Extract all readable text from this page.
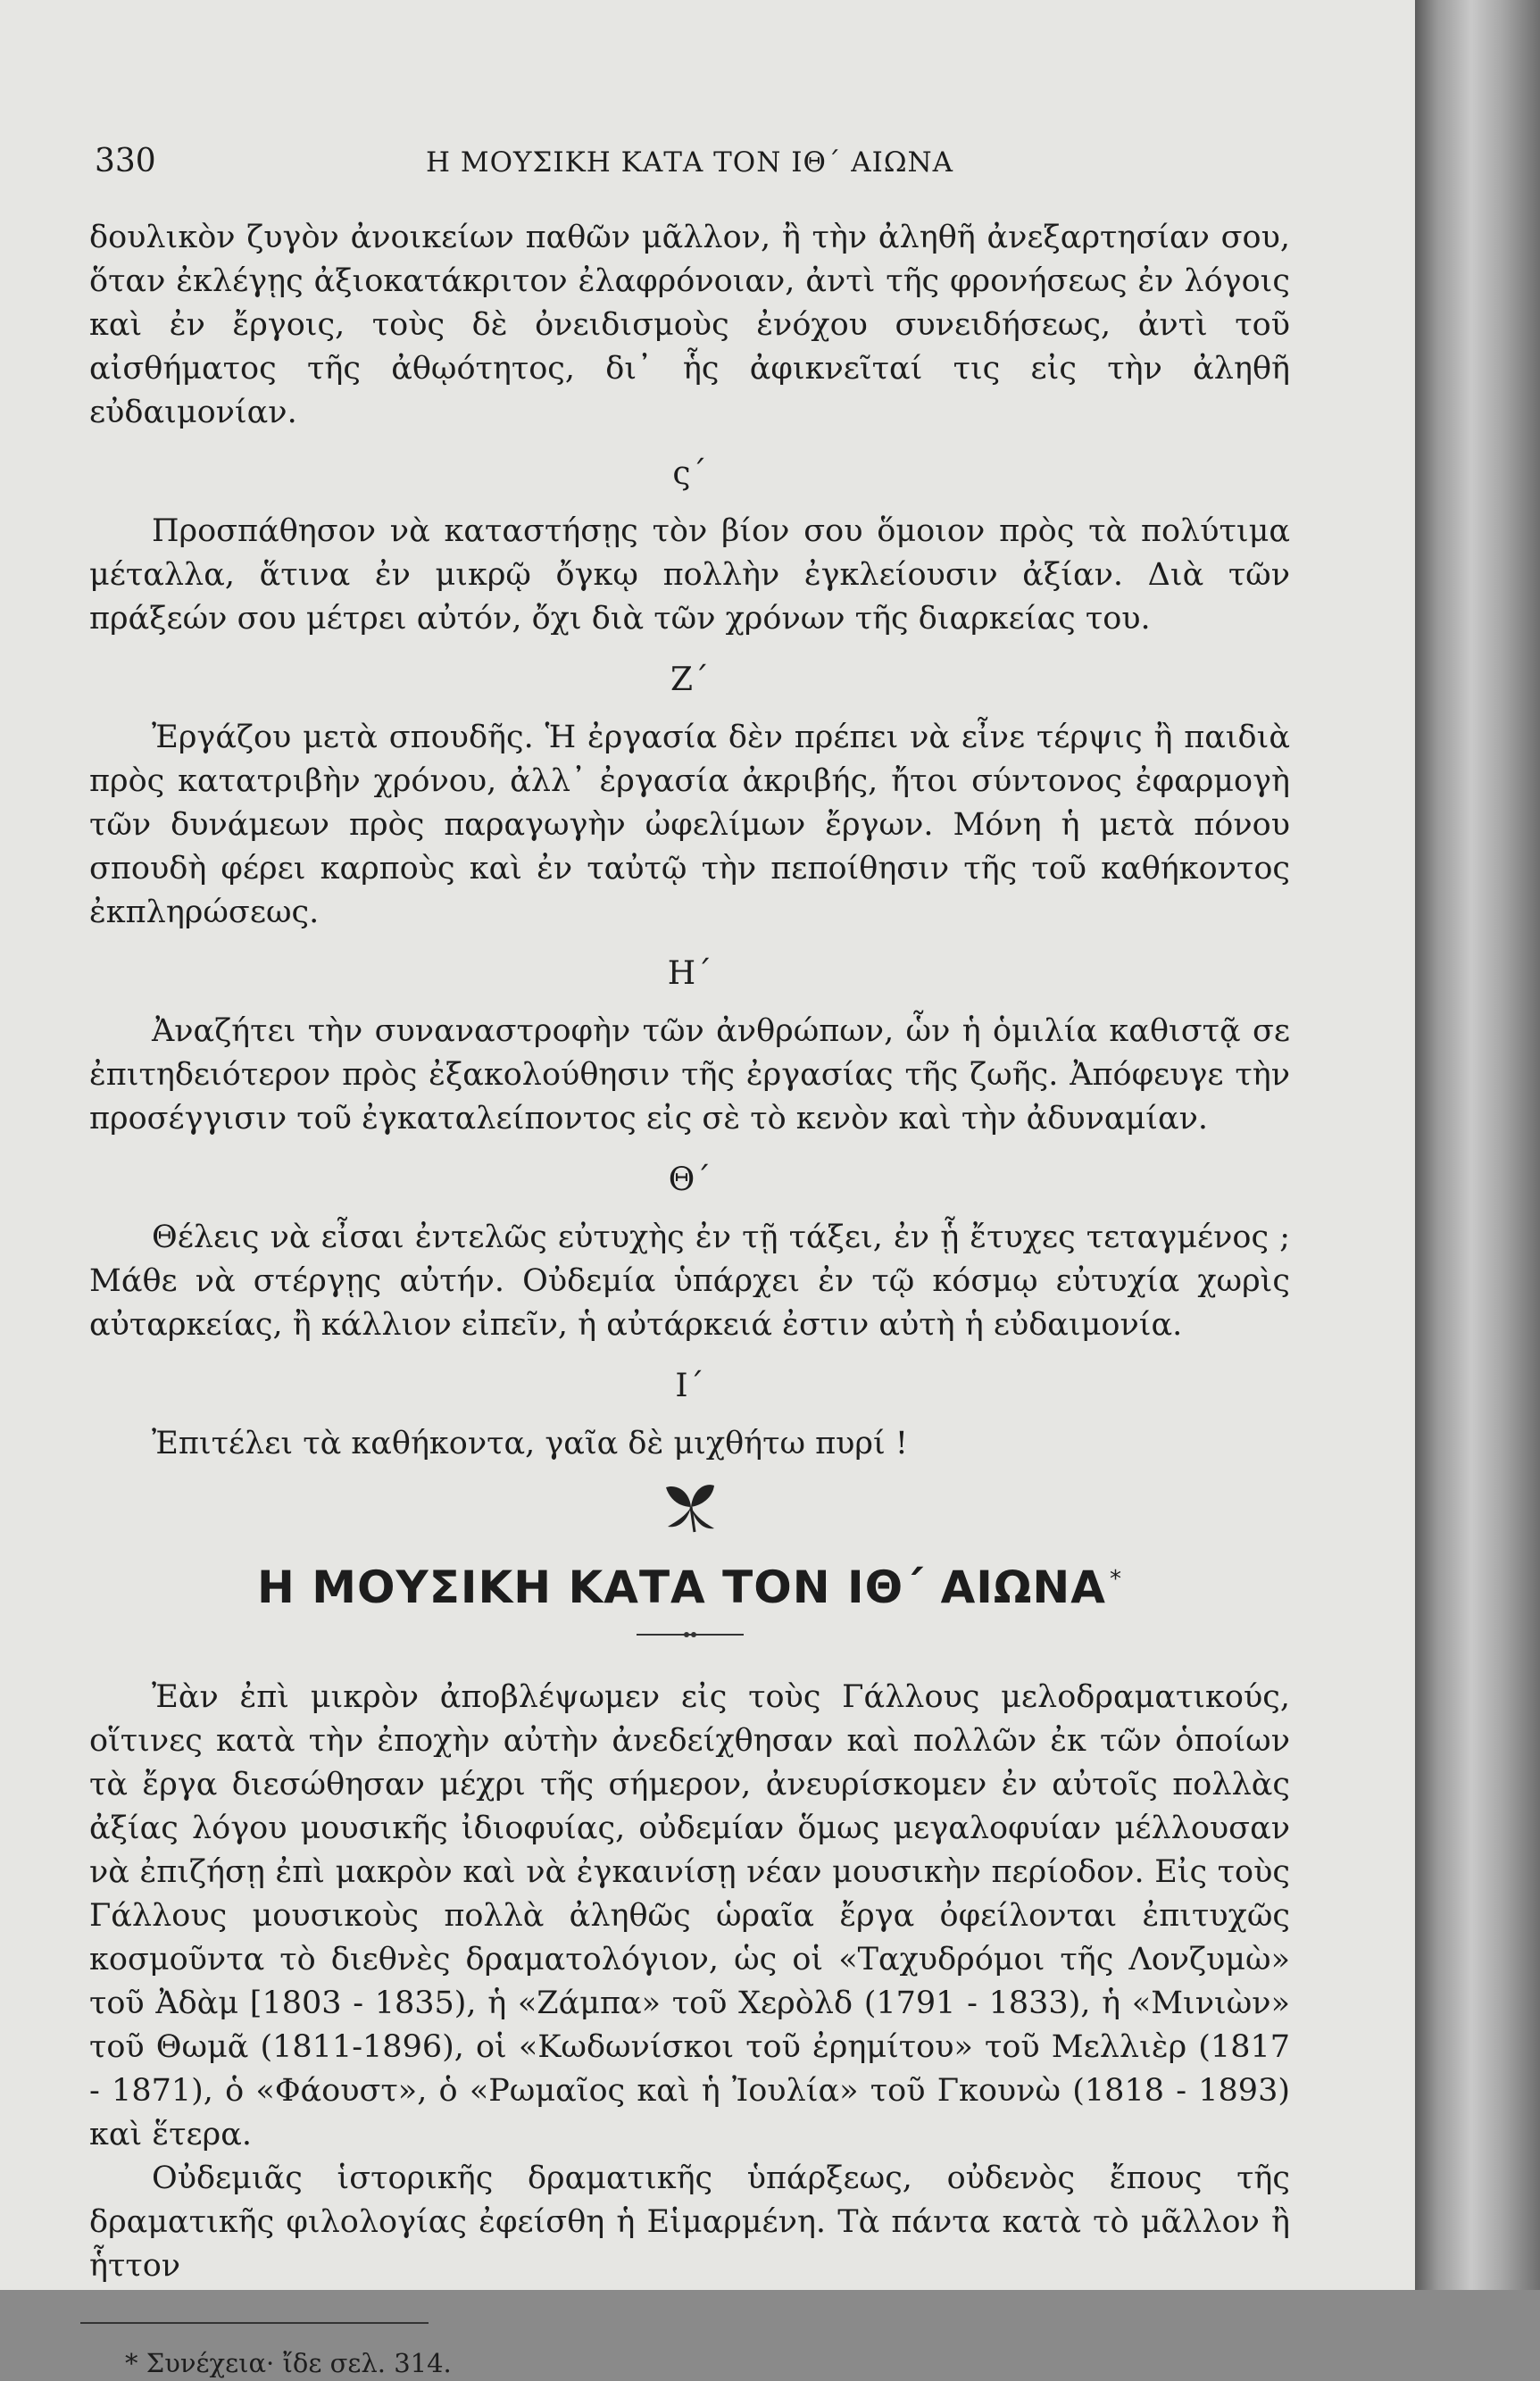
330	Η ΜΟΥΣΙΚΗ ΚΑΤΑ ΤΟΝ ΙΘ΄ ΑΙΩΝΑ

δουλικὸν ζυγὸν ἀνοικείων παθῶν μᾶλλον, ἢ τὴν ἀληθῆ ἀνεξαρτησίαν σου, ὅταν ἐκλέγῃς ἀξιοκατάκριτον ἐλαφρόνοιαν, ἀντὶ τῆς φρονήσεως ἐν λόγοις καὶ ἐν ἔργοις, τοὺς δὲ ὀνειδισμοὺς ἐνόχου συνειδήσεως, ἀντὶ τοῦ αἰσθήματος τῆς ἀθῳότητος, δι᾽ ἧς ἀφικνεῖταί τις εἰς τὴν ἀληθῆ εὐδαιμονίαν.

ς΄

Προσπάθησον νὰ καταστήσῃς τὸν βίον σου ὅμοιον πρὸς τὰ πολύτιμα μέταλλα, ἅτινα ἐν μικρῷ ὄγκῳ πολλὴν ἐγκλείουσιν ἀξίαν. Διὰ τῶν πράξεών σου μέτρει αὐτόν, ὄχι διὰ τῶν χρόνων τῆς διαρκείας του.

Ζ΄

Ἐργάζου μετὰ σπουδῆς. Ἡ ἐργασία δὲν πρέπει νὰ εἶνε τέρψις ἢ παιδιὰ πρὸς κατατριβὴν χρόνου, ἀλλ᾽ ἐργασία ἀκριβής, ἤτοι σύντονος ἐφαρμογὴ τῶν δυνάμεων πρὸς παραγωγὴν ὠφελίμων ἔργων. Μόνη ἡ μετὰ πόνου σπουδὴ φέρει καρποὺς καὶ ἐν ταὐτῷ τὴν πεποίθησιν τῆς τοῦ καθήκοντος ἐκπληρώσεως.

Η΄

Ἀναζήτει τὴν συναναστροφὴν τῶν ἀνθρώπων, ὧν ἡ ὁμιλία καθιστᾷ σε ἐπιτηδειότερον πρὸς ἐξακολούθησιν τῆς ἐργασίας τῆς ζωῆς. Ἀπόφευγε τὴν προσέγγισιν τοῦ ἐγκαταλείποντος εἰς σὲ τὸ κενὸν καὶ τὴν ἀδυναμίαν.

Θ΄

Θέλεις νὰ εἶσαι ἐντελῶς εὐτυχὴς ἐν τῇ τάξει, ἐν ᾗ ἔτυχες τεταγμένος ; Μάθε νὰ στέργῃς αὐτήν. Οὐδεμία ὑπάρχει ἐν τῷ κόσμῳ εὐτυχία χωρὶς αὐταρκείας, ἢ κάλλιον εἰπεῖν, ἡ αὐτάρκειά ἐστιν αὐτὴ ἡ εὐδαιμονία.

Ι΄

Ἐπιτέλει τὰ καθήκοντα, γαῖα δὲ μιχθήτω πυρί !

Η ΜΟΥΣΙΚΗ ΚΑΤΑ ΤΟΝ ΙΘ΄ ΑΙΩΝΑ *

Ἐὰν ἐπὶ μικρὸν ἀποβλέψωμεν εἰς τοὺς Γάλλους μελοδραματικούς, οἵτινες κατὰ τὴν ἐποχὴν αὐτὴν ἀνεδείχθησαν καὶ πολλῶν ἐκ τῶν ὁποίων τὰ ἔργα διεσώθησαν μέχρι τῆς σήμερον, ἀνευρίσκομεν ἐν αὐτοῖς πολλὰς ἀξίας λόγου μουσικῆς ἰδιοφυίας, οὐδεμίαν ὅμως μεγαλοφυίαν μέλλουσαν νὰ ἐπιζήσῃ ἐπὶ μακρὸν καὶ νὰ ἐγκαινίσῃ νέαν μουσικὴν περίοδον. Εἰς τοὺς Γάλλους μουσικοὺς πολλὰ ἀληθῶς ὡραῖα ἔργα ὀφείλονται ἐπιτυχῶς κοσμοῦντα τὸ διεθνὲς δραματολόγιον, ὡς οἱ «Ταχυδρόμοι τῆς Λονζυμὼ» τοῦ Ἀδὰμ [1803 - 1835), ἡ «Ζάμπα» τοῦ Χερὸλδ (1791 - 1833), ἡ «Μινιὼν» τοῦ Θωμᾶ (1811-1896), οἱ «Κωδωνίσκοι τοῦ ἐρημίτου» τοῦ Μελλιὲρ (1817 - 1871), ὁ «Φάουστ», ὁ «Ρωμαῖος καὶ ἡ Ἰουλία» τοῦ Γκουνὼ (1818 - 1893) καὶ ἕτερα.

Οὐδεμιᾶς ἱστορικῆς δραματικῆς ὑπάρξεως, οὐδενὸς ἔπους τῆς δραματικῆς φιλολογίας ἐφείσθη ἡ Εἱμαρμένη. Τὰ πάντα κατὰ τὸ μᾶλλον ἢ ἧττον

* Συνέχεια· ἴδε σελ. 314.
